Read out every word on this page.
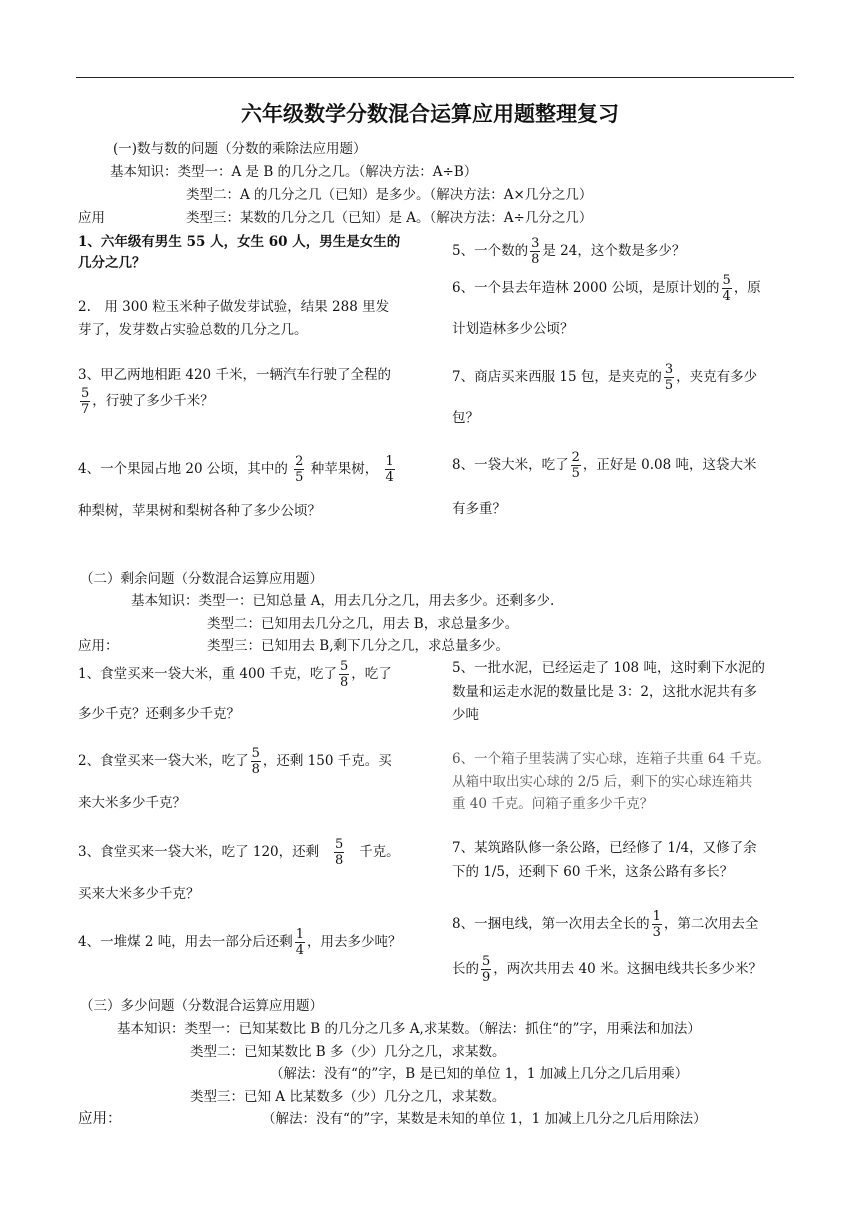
六年级数学分数混合运算应用题整理复习
(一)数与数的问题（分数的乘除法应用题）
基本知识：类型一：A 是 B 的几分之几。（解决方法：A÷B）
类型二：A 的几分之几（已知）是多少。（解决方法：A×几分之几）
应用	类型三：某数的几分之几（已知）是 A。（解决方法：A÷几分之几）
1、六年级有男生 55 人，女生 60 人，男生是女生的
几分之几？
2.　用 300 粒玉米种子做发芽试验，结果 288 里发
芽了，发芽数占实验总数的几分之几。
3、甲乙两地相距 420 千米，一辆汽车行驶了全程的
$\frac{5}{7}$ ，行驶了多少千米？
4、一个果园占地 20 公顷，其中的 $\frac{2}{5}$ 种苹果树， $\frac{1}{4}$
种梨树，苹果树和梨树各种了多少公顷？
5、一个数的 $\frac{3}{8}$ 是 24，这个数是多少？
6、一个县去年造林 2000 公顷，是原计划的 $\frac{5}{4}$ ，原
计划造林多少公顷？
7、商店买来西服 15 包，是夹克的 $\frac{3}{5}$ ，夹克有多少
包？
8、一袋大米，吃了 $\frac{2}{5}$ ，正好是 0.08 吨，这袋大米
有多重？
（二）剩余问题（分数混合运算应用题）
基本知识：类型一：已知总量 A，用去几分之几，用去多少。还剩多少.
类型二：已知用去几分之几，用去 B，求总量多少。
应用：	类型三：已知用去 B,剩下几分之几，求总量多少。
1、食堂买来一袋大米，重 400 千克，吃了 $\frac{5}{8}$ ，吃了
多少千克？还剩多少千克？
2、食堂买来一袋大米，吃了 $\frac{5}{8}$ ，还剩 150 千克。买
来大米多少千克？
3、食堂买来一袋大米，吃了 120，还剩 $\frac{5}{8}$ 千克。
买来大米多少千克？
4、一堆煤 2 吨，用去一部分后还剩 $\frac{1}{4}$ ，用去多少吨？
5、一批水泥，已经运走了 108 吨，这时剩下水泥的
数量和运走水泥的数量比是 3：2，这批水泥共有多
少吨
6、一个箱子里装满了实心球，连箱子共重 64 千克。
从箱中取出实心球的 2/5 后，剩下的实心球连箱共
重 40 千克。问箱子重多少千克？
7、某筑路队修一条公路，已经修了 1/4，又修了余
下的 1/5，还剩下 60 千米，这条公路有多长？
8、一捆电线，第一次用去全长的 $\frac{1}{3}$ ，第二次用去全
长的 $\frac{5}{9}$ ，两次共用去 40 米。这捆电线共长多少米？
（三）多少问题（分数混合运算应用题）
基本知识：类型一：已知某数比 B 的几分之几多 A,求某数。（解法：抓住“的”字，用乘法和加法）
类型二：已知某数比 B 多（少）几分之几，求某数。
（解法：没有“的”字，B 是已知的单位 1，1 加减上几分之几后用乘）
类型三：已知 A 比某数多（少）几分之几，求某数。
应用：	（解法：没有“的”字，某数是未知的单位 1，1 加减上几分之几后用除法）
